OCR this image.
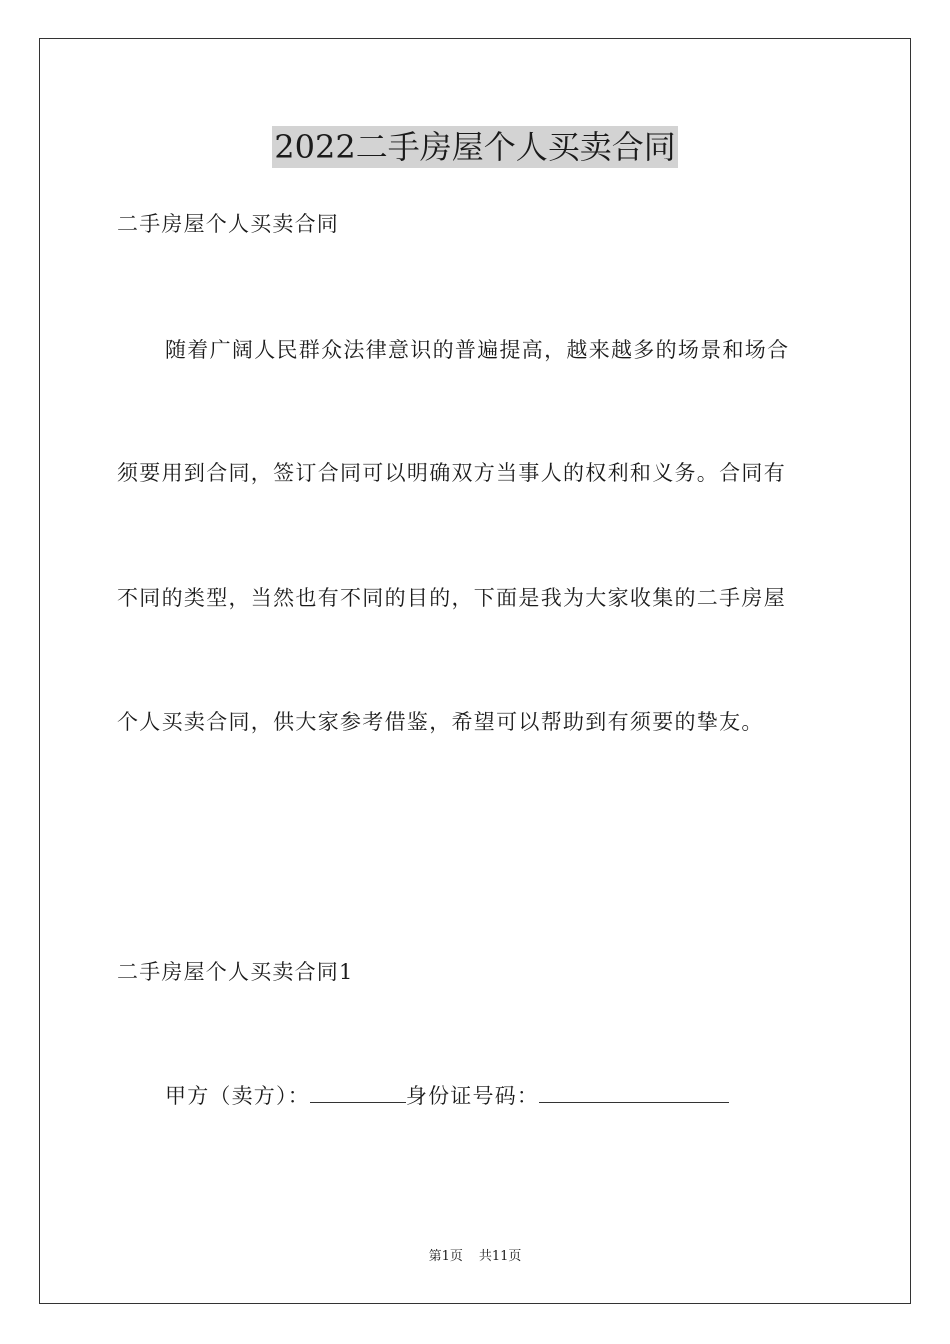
2022二手房屋个人买卖合同
二手房屋个人买卖合同
随着广阔人民群众法律意识的普遍提高，越来越多的场景和场合
须要用到合同，签订合同可以明确双方当事人的权利和义务。合同有
不同的类型，当然也有不同的目的，下面是我为大家收集的二手房屋
个人买卖合同，供大家参考借鉴，希望可以帮助到有须要的挚友。
二手房屋个人买卖合同1
甲方（卖方）：	身份证号码：
第1页 共11页
